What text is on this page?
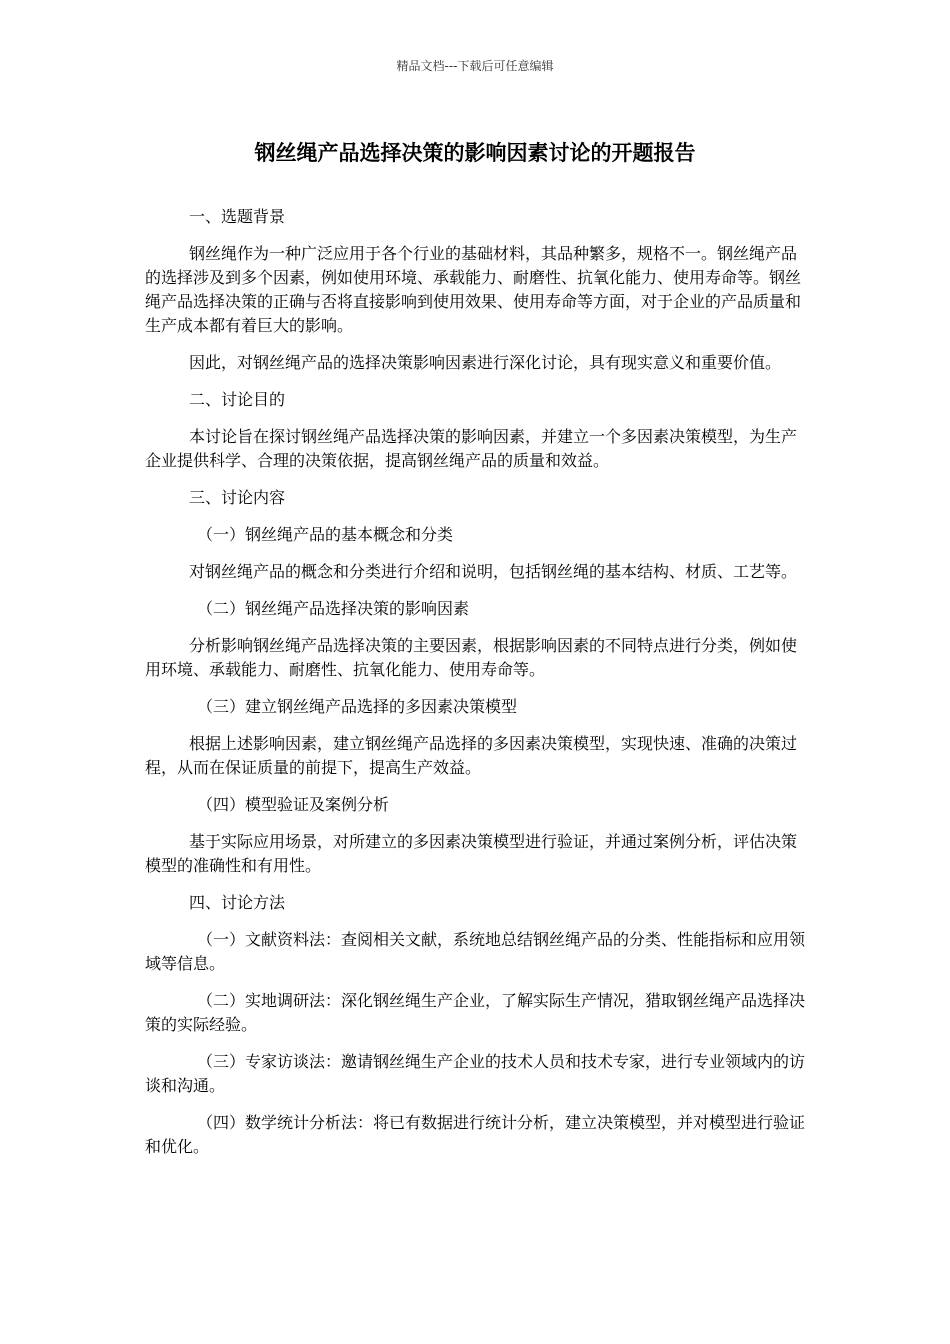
精品文档---下载后可任意编辑
钢丝绳产品选择决策的影响因素讨论的开题报告

一、选题背景

钢丝绳作为一种广泛应用于各个行业的基础材料，其品种繁多，规格不一。钢丝绳产品的选择涉及到多个因素，例如使用环境、承载能力、耐磨性、抗氧化能力、使用寿命等。钢丝绳产品选择决策的正确与否将直接影响到使用效果、使用寿命等方面，对于企业的产品质量和生产成本都有着巨大的影响。

因此，对钢丝绳产品的选择决策影响因素进行深化讨论，具有现实意义和重要价值。

二、讨论目的

本讨论旨在探讨钢丝绳产品选择决策的影响因素，并建立一个多因素决策模型，为生产企业提供科学、合理的决策依据，提高钢丝绳产品的质量和效益。

三、讨论内容

（一）钢丝绳产品的基本概念和分类

对钢丝绳产品的概念和分类进行介绍和说明，包括钢丝绳的基本结构、材质、工艺等。

（二）钢丝绳产品选择决策的影响因素

分析影响钢丝绳产品选择决策的主要因素，根据影响因素的不同特点进行分类，例如使用环境、承载能力、耐磨性、抗氧化能力、使用寿命等。

（三）建立钢丝绳产品选择的多因素决策模型

根据上述影响因素，建立钢丝绳产品选择的多因素决策模型，实现快速、准确的决策过程，从而在保证质量的前提下，提高生产效益。

（四）模型验证及案例分析

基于实际应用场景，对所建立的多因素决策模型进行验证，并通过案例分析，评估决策模型的准确性和有用性。

四、讨论方法

（一）文献资料法：查阅相关文献，系统地总结钢丝绳产品的分类、性能指标和应用领域等信息。

（二）实地调研法：深化钢丝绳生产企业，了解实际生产情况，猎取钢丝绳产品选择决策的实际经验。

（三）专家访谈法：邀请钢丝绳生产企业的技术人员和技术专家，进行专业领域内的访谈和沟通。

（四）数学统计分析法：将已有数据进行统计分析，建立决策模型，并对模型进行验证和优化。
